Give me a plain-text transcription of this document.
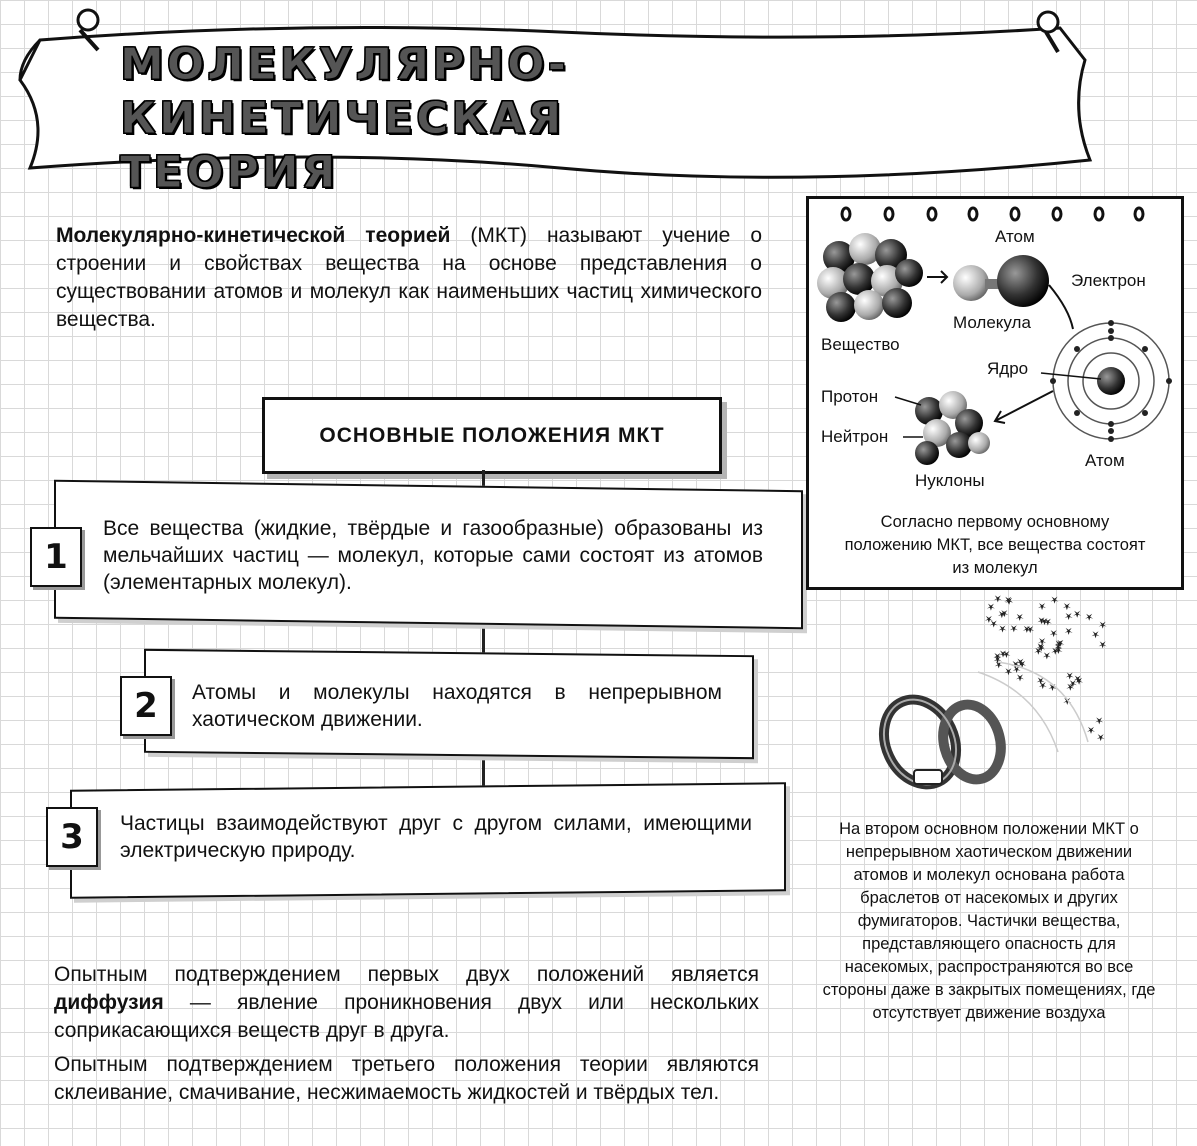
МОЛЕКУЛЯРНО-КИНЕТИЧЕСКАЯ
ТЕОРИЯ
Молекулярно-кинетической теорией (МКТ) называют учение о строении и свойствах вещества на основе представления о существовании атомов и молекул как наименьших частиц химического вещества.
ОСНОВНЫЕ ПОЛОЖЕНИЯ МКТ
1
Все вещества (жидкие, твёрдые и газообразные) образованы из мельчайших частиц — молекул, которые сами состоят из атомов (элементарных молекул).
2	Атомы и молекулы находятся в непрерывном хаотическом движении.
3	Частицы взаимодействуют друг с другом силами, имеющими электрическую природу.
Атом
Электрон
Молекула
Вещество
Ядро
Протон
Нейтрон
Атом
Нуклоны
Согласно первому основному положению МКТ, все вещества состоят из молекул
На втором основном положении МКТ о непрерывном хаотическом движении атомов и молекул основана работа браслетов от насекомых и других фумигаторов. Частички вещества, представляющего опасность для насекомых, распространяются во все стороны даже в закрытых помещениях, где отсутствует движение воздуха
Опытным подтверждением первых двух положений является диффузия — явление проникновения двух или нескольких соприкасающихся веществ друг в друга.
Опытным подтверждением третьего положения теории являются склеивание, смачивание, несжимаемость жидкостей и твёрдых тел.
